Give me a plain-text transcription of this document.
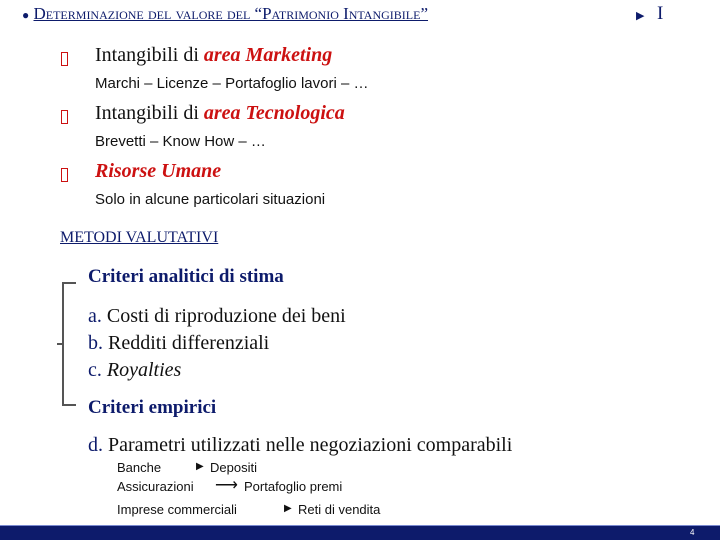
● Determinazione del valore del “Patrimonio Intangibile”	▶ I
Intangibili di area Marketing
Marchi – Licenze – Portafoglio lavori – …
Intangibili di area Tecnologica
Brevetti – Know How – …
Risorse Umane
Solo in alcune particolari situazioni
METODI VALUTATIVI
Criteri analitici di stima
a. Costi di riproduzione dei beni
b. Redditi differenziali
c. Royalties
Criteri empirici
d. Parametri utilizzati nelle negoziazioni comparabili
Banche	▶ Depositi
Assicurazioni ⟶ Portafoglio premi
Imprese commerciali	▶ Reti di vendita
4
